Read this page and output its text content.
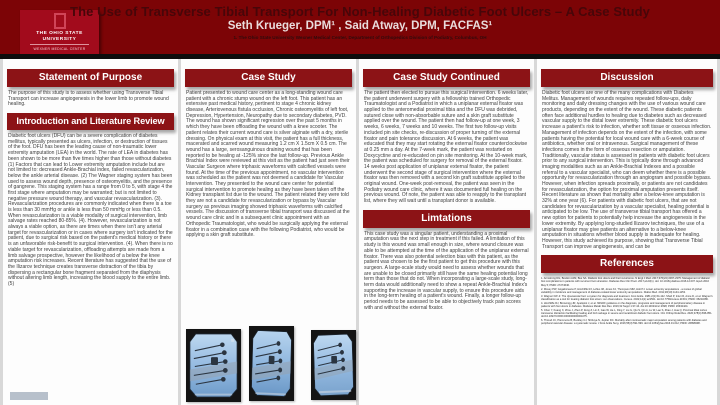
THE OHIO STATE
UNIVERSITY
WEXNER MEDICAL CENTER
The Use of Transverse Tibial Transport For Non-Healing Diabetic Foot Ulcers – A Case Study
Seth Krueger, DPM¹ , Said Atway, DPM, FACFAS¹
1. The Ohio State University Wexner Medical Center, Department of Orthopedics Division of Podiatry, Columbus, OH
Statement of Purpose
The purpose of this study is to assess whether using Transverse Tibial Transport can increase angiogenesis in the lower limb to promote wound healing.
Introduction and Literature Review
Diabetic foot ulcers (DFU) can be a severe complication of diabetes mellitus, typically presented as ulcers, infection, or destruction of tissues of the foot. DFU has been the leading cause of non-traumatic lower extremity amputation (LEA) in the world. The rate of LEA in diabetes has been shown to be more than five times higher than those without diabetes (1) Factors that can lead to Lower extremity amputation include but are not limited to: decreased Ankle-Brachial index, failed revascularization, below the ankle arterial disease. (2) The Wagner staging system has been used to assess wound depth, presence of osteomyelitis, and the presence of gangrene. This staging system has a range from 0 to 5, with stage 4 the first stage where amputation may be warranted; but is not limited to negative pressure wound therapy, and vascular revascularization. (3). Revascularization procedures are commonly indicated when there is a toe is less than 30 mmHg or ankle is less than 50 mmHg or less than 0.5. When revascularization is a viable modality of surgical intervention, limb salvage rates reached 80-85%. (4). However, revascularization is not always a viable option, as there are times when there isn't any arterial target for revascularization or in cases where surgery isn't indicated for the patient, due to surgical risk based on the patient's medical history or there is an unfavorable risk-benefit to surgical intervention. (4). When there is no viable target for revascularization, offloading attempts are made from a limb salvage prospective, however the likelihood of a below the knee amputation risk increases. Recent literature has suggested that the use of the Ilizarov technique creates transverse distraction of the tibia by dispersing a rectangular bone fragment separated from the diaphysis without altering limb length, increasing the blood supply to the entire limb. (5)
Case Study
Patient presented to wound care center as a long-standing wound care patient with a chronic stump wound on the left foot. This patient has an extensive past medical history, pertinent to stage 4 chronic kidney disease, Arteriovenous fistula occlusion, Chronic osteomyelitis of left foot, Depression, Hypertension, Neuropathy due to secondary diabetes, PVD. The wound has shown significant regression over the past 5 months in which they have been offloading the wound with a knee scooter. The patient relates their current wound care is silver alginate with a dry, sterile dressing. On physical exam at this visit, the patient has a full thickness, macerated and scarred wound measuring 1.2 cm X 1.5cm X 0.5 cm. The wound has a large, serosanguinous draining wound that has been reported to be healing at -125% since the last follow-up. Previous Ankle Brachial Index were reviewed at this visit as the patient had just seen their Vascular Surgeon where triphasic waveforms with calcified vessels were found. At the time of the previous appointment, no vascular intervention was scheduled as the patient was not deemed a candidate for Vascular Intervention. They presented to the wound care center for potential surgical intervention to promote healing as they have been taken off the Kidney transplant list due to the wound. The patient related they were told they are not a candidate for revascularization or bypass by Vascular surgery as previous imaging showed triphasic waveforms with calcified vessels. The discussion of transverse tibial transport was discussed at the wound care clinic and in a subsequent clinic appointment with an Orthopedic Traumatologist, who would be surgically applying the external fixator in a combination case with the following Podiatrist, who would be applying a skin graft substitute.
Case Study Continued
The patient then elected to pursue this surgical intervention. 6 weeks later, the patient underwent surgery with a fellowship trained Orthopedic Traumatologist and a Podiatrist in which a uniplanar external fixator was applied to the anteromedial proximal tibia and the DFU was debrided, sutured close with non-absorbable suture and a skin graft substitute applied over the wound. The patient then had follow-up at one week, 3 weeks, 6 weeks, 7 weeks and 10 weeks. The first two follow-up visits included pin site checks, re-discussion of proper turning of the external fixator and pain tolerance discussion. At 6 weeks, the patient was educated that they may start rotating the external fixator counterclockwise at 0.25 mm a day. At the 7-week mark, the patient was restarted on Doxycyctine and re-educated on pin site monitoring. At the 10-week mark, the patient was scheduled for surgery for removal of the external fixator. 14 weeks post application of uniplanar external fixator, the patient underwent the second stage of surgical intervention where the external fixator was then removed with a second kin graft substitute applied to the original wound. One-week post-removal, the patient was seen in the Podiatry wound care clinic, where it was documented full healing on the previous wound. Of note, the patient was able to reapply to the transplant list, where they will wait until a transplant donor is available.
Limtations
This case study was a singular patient, understanding a proximal amputation was the next step in treatment if this failed. A limitation of this study is this wound was small enough in size, where wound closure was able to be attempted at the time of the application of the uniplanar external fixator. There was also potential selection bias with this patient, as the patient was chosen to be the first patient to get this procedure with this surgeon. A large-scale study would need to assess whether wounds that are unable to be closed primarily still have the same healing potential long term than those that do not. When incorporating a large-scale study, long-term data would additionally need to show a repeat Ankle-Brachial Index's supporting the increase in vascular supply, to ensure this procedure aids in the long-term healing of a patient's wound. Finally, a longer follow-up period needs to be assessed to be able to objectively track pain scores with and without the external fixator.
Discussion
Diabetic foot ulcers are one of the many complications with Diabetes Melitus. Management of wounds requires repeated follow-ups, daily monitoring and daily dressing changes with the use of various wound care products, depending on the extent of the wound. These diabetic patients often face additional hurdles to healing due to diabetes such as decreased vascular supply to the distal lower extremity. These diabetic foot ulcers increase a patient's risk to infection, whether soft tissue or osseous infection. Management of infection depends on the extent of the infection, with some patients having the potential for local wound care with a 6-week course of antibiotics, whether oral or intravenous. Surgical management of these infections comes in the form of osseous resection or amputation. Traditionally, vascular status is assessed in patients with diabetic foot ulcers prior to any surgical intervention. This is typically done through advanced imaging modalities such as an Ankle-Brachial Indexes and a possible referral to a vascular specialist, who can deem whether there is a possible opportunity for revascularization through an angiogram and possible bypass. However, when infection spreads proximally, or patients are not candidates for revascularization, the option for proximal amputation presents itself. Recent literature as shown that mortality after a below-knee amputation is 32% at one year (6). For patients with diabetic foot ulcers, that are not candidates for revascularization by a vascular specialist, healing potential is anticipated to be low. The use of transverse tibial transport has offered a new option for patients to potentially help increase the angiogenesis in the lower extremity. By applying long-studied Ilizarov techniques, the use of a uniplanar fixator may give patients an alternative to a below-knee amputation in situations whether blood supply is inadequate for healing. However, this study achieved its purpose, showing that Transverse Tibial Transport can improve angiogenesis, and can be
References
1. Armstrong DG, Boulton AJM, Bus SA. Diabetic foot ulcers and their recurrence. N Engl J Med. 2017;376(24):2367-2375. Management of diabetic foot complications in patients with recurrent foot ulceration. Diabetes Res Clin Pract. 2017;e123(1). doi: 10.1016/j.diabres.2016.12.007. Epub 2016 May 5; PMID: 27274646.
2. Moxey PW, Gogalniceanu P, Hinchliffe RJ, Loftus IM, Jones KJ, Thompson MM, Holt PJ. Lower extremity amputations - a review of global variability in incidence and management of diabetes-related lower extremity amputations. Diabet Med. 2011;28(10):1144-1153.
3. Wagner FW Jr. The dysvascular foot: a system for diagnosis and treatment. Foot Ankle. 1981;2(2):64-122. Shah P, Inturi R, Anne D, et al. Wagner's classification as a tool for treating diabetic foot ulcers: our observations. Cureus. 2022;14(1):e21501. doi:10.7759/cureus.21501; PMID: 35223286.
4. Hinchliffe RJ, Brownrigg JR, Apelqvist J, et al. IWGDF guidance on the diagnosis, prognosis and management of peripheral artery disease in patients with foot ulcers in diabetes. Diabetes Metab Res Rev. 2016;32 Suppl 1:37-44. doi:10.1002/dmrr.2698; PMID: 26332424.
5. Chen Y, Kuang X, Zhou J, Zhen P, Zeng Z, Lin Z, Gao W, He L, Ding Y, Liu G, Qiu S, Qin A, Lu W, Lao S, Zhao J, Hua Q. Proximal tibial cortex transverse distraction facilitating healing and limb salvage in severe and recalcitrant diabetic foot ulcers. Clin Orthop Relat Res. 2020;478(4):836-851. doi:10.1097/CORR.0000000000001075.
6. Thorud JC, Plemmons B, Buckley CJ, Shibuya N, Jupiter DC. Mortality after nontraumatic major amputation among patients with diabetes and peripheral vascular disease: a systematic review. J Foot Ankle Surg. 2016;55(3):591-599. doi:10.1053/j.jfas.2016.01.012; PMID: 26898398.
